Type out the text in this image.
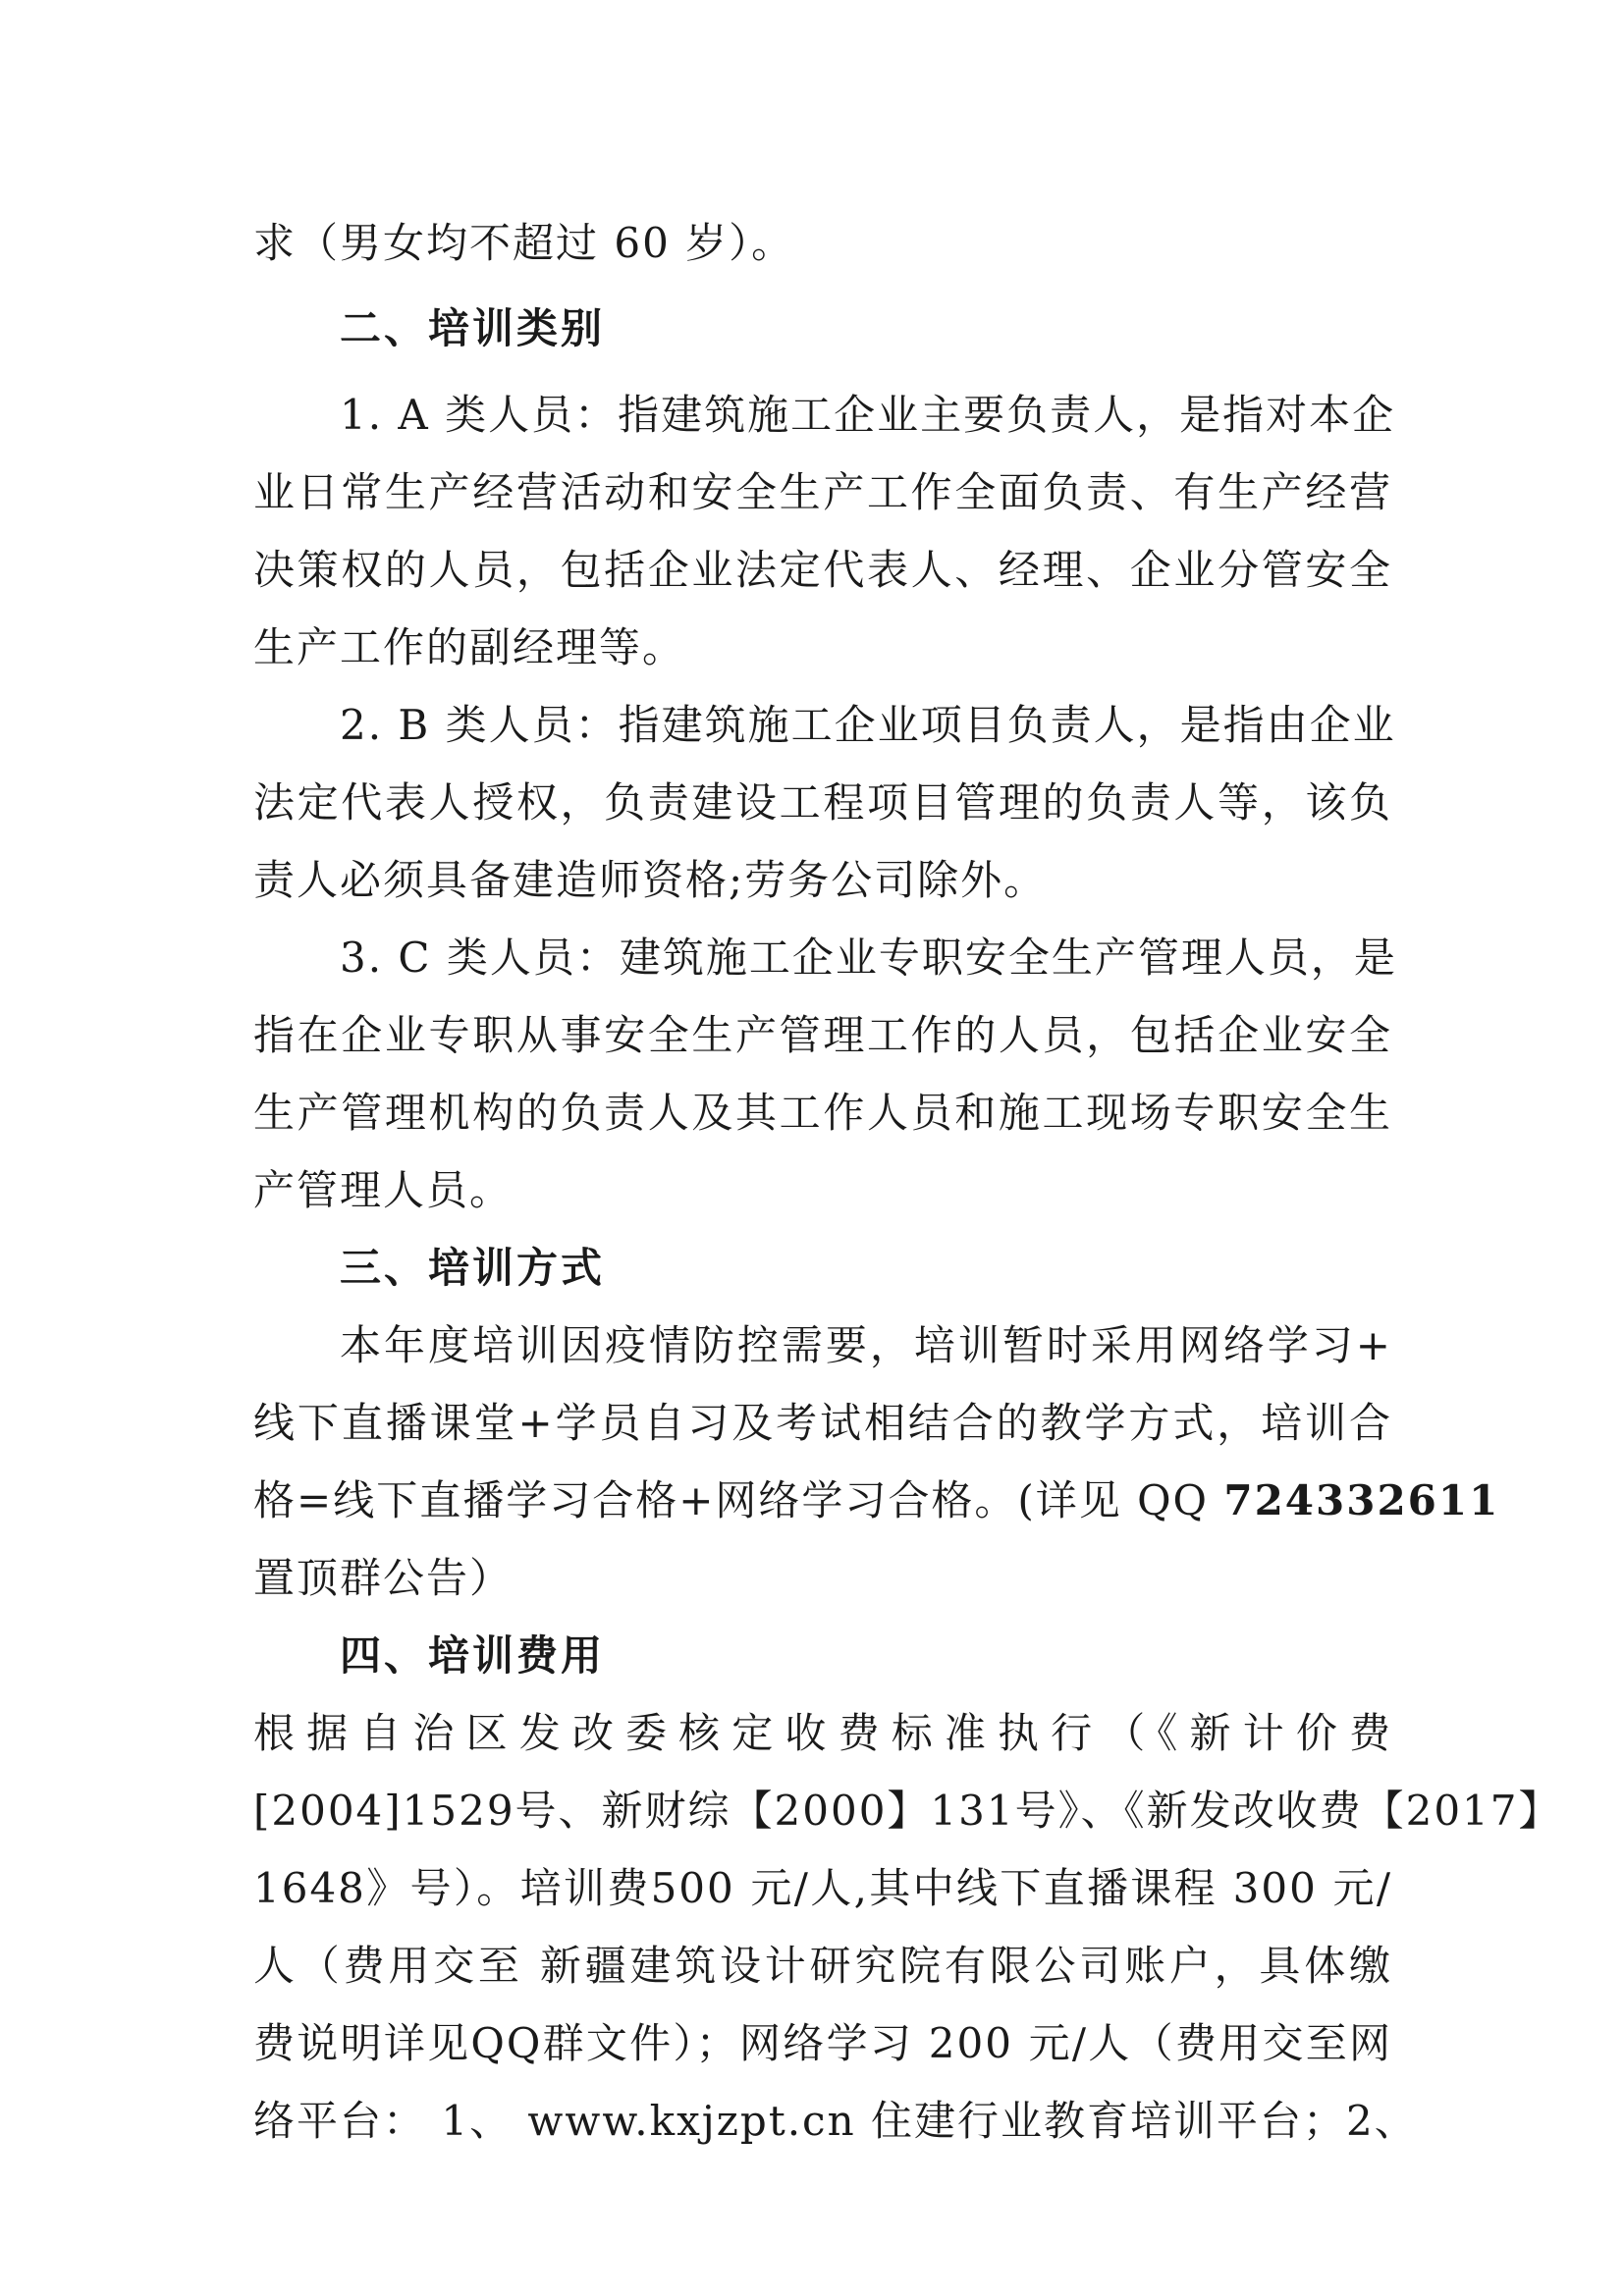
求（男女均不超过 60 岁）。
二、培训类别
1. A 类人员：指建筑施工企业主要负责人，是指对本企
业日常生产经营活动和安全生产工作全面负责、有生产经营
决策权的人员，包括企业法定代表人、经理、企业分管安全
生产工作的副经理等。
2. B 类人员：指建筑施工企业项目负责人，是指由企业
法定代表人授权，负责建设工程项目管理的负责人等，该负
责人必须具备建造师资格;劳务公司除外。
3. C 类人员：建筑施工企业专职安全生产管理人员，是
指在企业专职从事安全生产管理工作的人员，包括企业安全
生产管理机构的负责人及其工作人员和施工现场专职安全生
产管理人员。
三、培训方式
本年度培训因疫情防控需要，培训暂时采用网络学习+
线下直播课堂+学员自习及考试相结合的教学方式，培训合
格=线下直播学习合格+网络学习合格。(详见 QQ 724332611
置顶群公告）
四、培训费用
根据自治区发改委核定收费标准执行（《新计价费
[2004]1529号、新财综【2000】131号》、《新发改收费【2017】
1648》号）。培训费500 元/人,其中线下直播课程 300 元/
人（费用交至 新疆建筑设计研究院有限公司账户，具体缴
费说明详见QQ群文件）；网络学习 200 元/人（费用交至网
络平台： 1、 www.kxjzpt.cn 住建行业教育培训平台；2、
